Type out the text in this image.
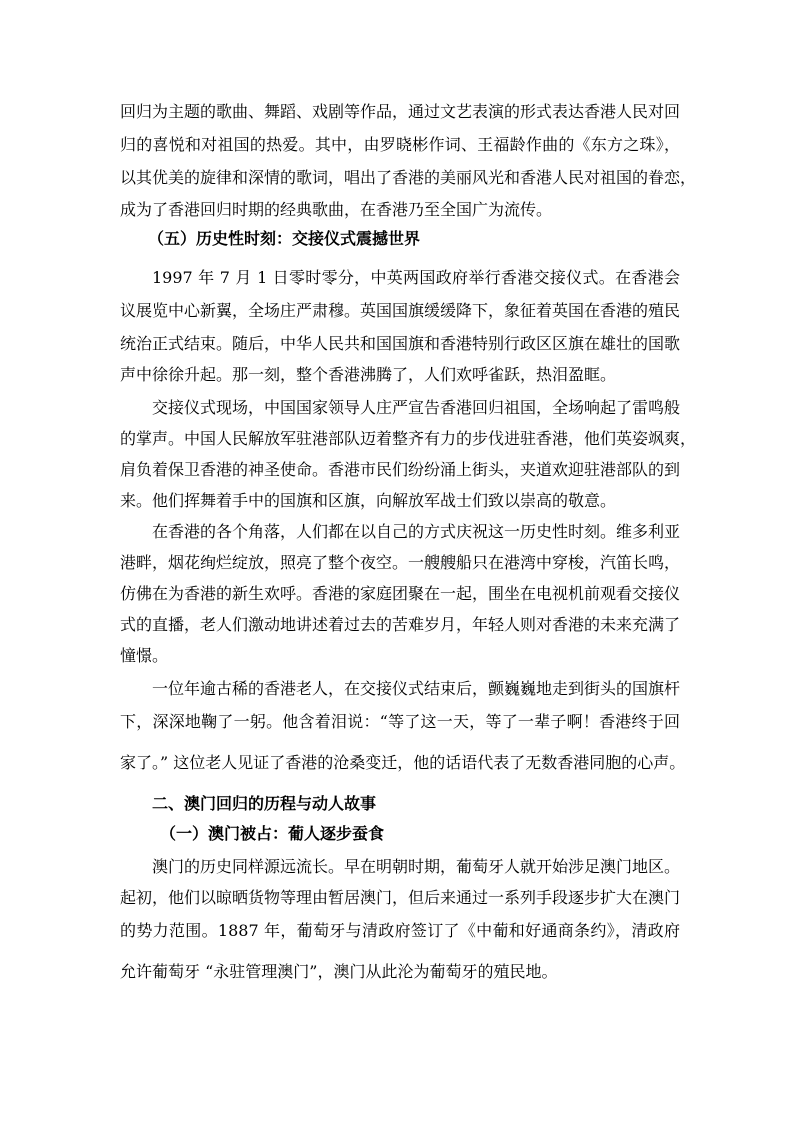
回归为主题的歌曲、舞蹈、戏剧等作品，通过文艺表演的形式表达香港人民对回
归的喜悦和对祖国的热爱。其中，由罗晓彬作词、王福龄作曲的《东方之珠》，
以其优美的旋律和深情的歌词，唱出了香港的美丽风光和香港人民对祖国的眷恋，
成为了香港回归时期的经典歌曲，在香港乃至全国广为流传。
（五）历史性时刻：交接仪式震撼世界
1997 年 7 月 1 日零时零分，中英两国政府举行香港交接仪式。在香港会
议展览中心新翼，全场庄严肃穆。英国国旗缓缓降下，象征着英国在香港的殖民
统治正式结束。随后，中华人民共和国国旗和香港特别行政区区旗在雄壮的国歌
声中徐徐升起。那一刻，整个香港沸腾了，人们欢呼雀跃，热泪盈眶。
交接仪式现场，中国国家领导人庄严宣告香港回归祖国，全场响起了雷鸣般
的掌声。中国人民解放军驻港部队迈着整齐有力的步伐进驻香港，他们英姿飒爽，
肩负着保卫香港的神圣使命。香港市民们纷纷涌上街头，夹道欢迎驻港部队的到
来。他们挥舞着手中的国旗和区旗，向解放军战士们致以崇高的敬意。
在香港的各个角落，人们都在以自己的方式庆祝这一历史性时刻。维多利亚
港畔，烟花绚烂绽放，照亮了整个夜空。一艘艘船只在港湾中穿梭，汽笛长鸣，
仿佛在为香港的新生欢呼。香港的家庭团聚在一起，围坐在电视机前观看交接仪
式的直播，老人们激动地讲述着过去的苦难岁月，年轻人则对香港的未来充满了
憧憬。
一位年逾古稀的香港老人，在交接仪式结束后，颤巍巍地走到街头的国旗杆
下，深深地鞠了一躬。他含着泪说：“等了这一天，等了一辈子啊！香港终于回
家了。” 这位老人见证了香港的沧桑变迁，他的话语代表了无数香港同胞的心声。
二、澳门回归的历程与动人故事
（一）澳门被占：葡人逐步蚕食
澳门的历史同样源远流长。早在明朝时期，葡萄牙人就开始涉足澳门地区。
起初，他们以晾晒货物等理由暂居澳门，但后来通过一系列手段逐步扩大在澳门
的势力范围。1887 年，葡萄牙与清政府签订了《中葡和好通商条约》，清政府
允许葡萄牙 “永驻管理澳门”，澳门从此沦为葡萄牙的殖民地。
